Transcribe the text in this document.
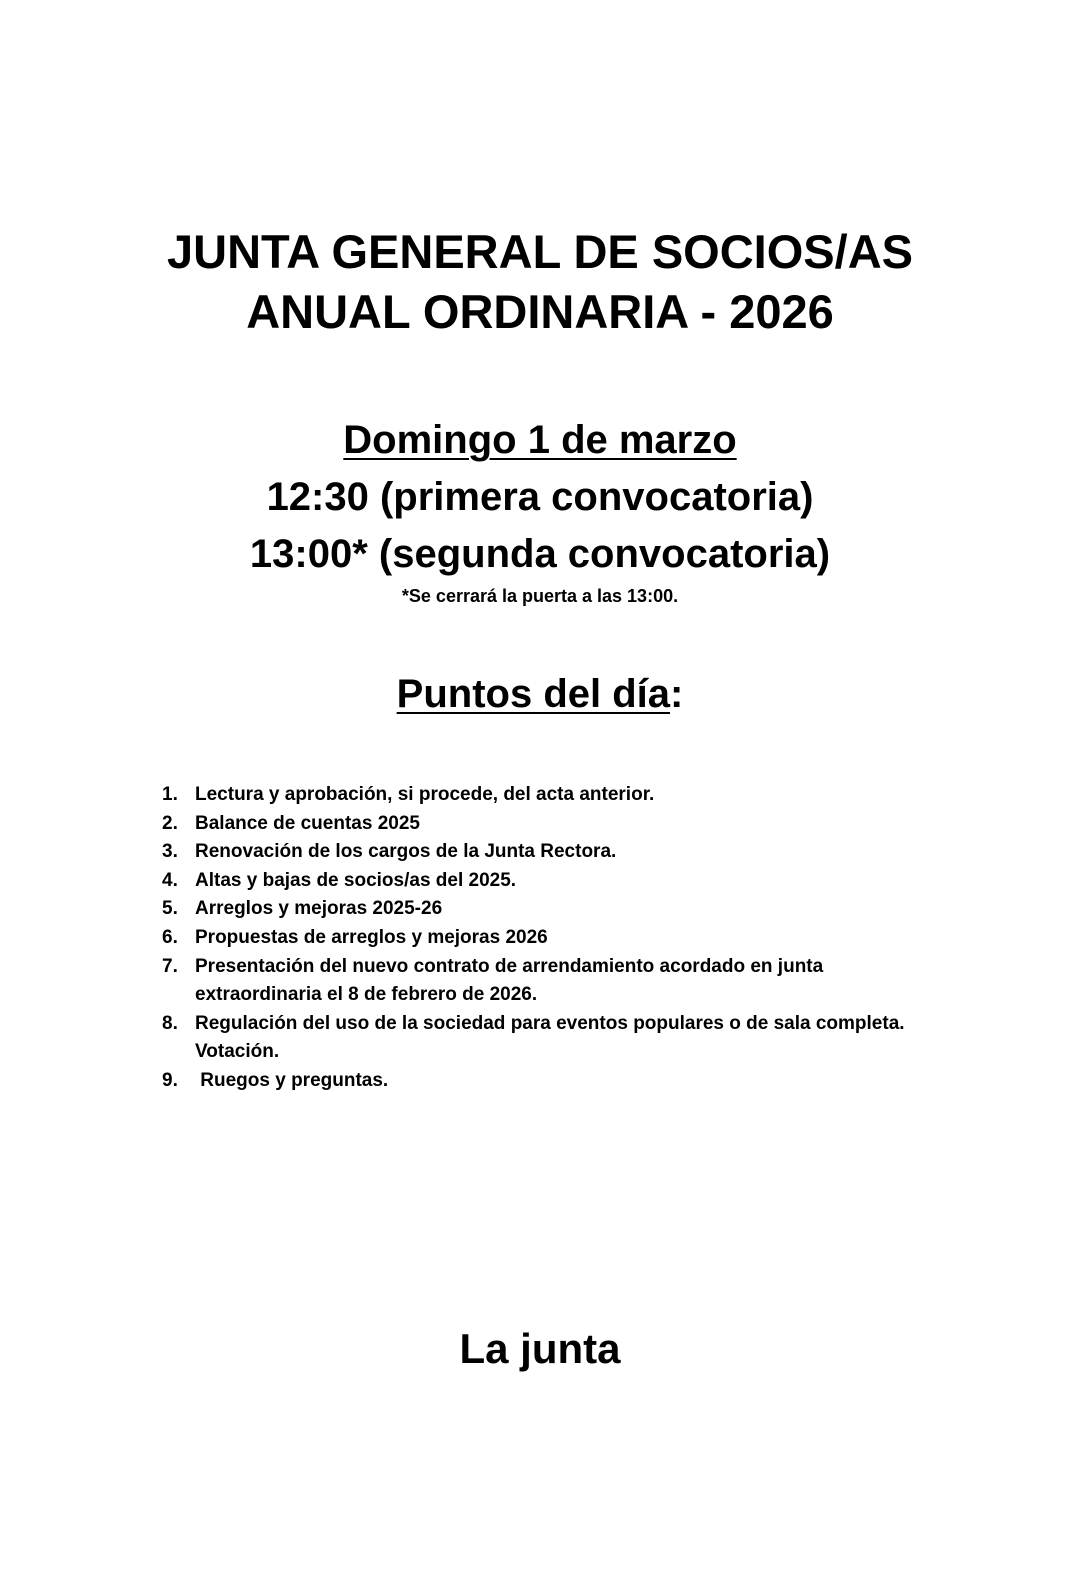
JUNTA GENERAL DE SOCIOS/AS
ANUAL ORDINARIA - 2026
Domingo 1 de marzo
12:30 (primera convocatoria)
13:00* (segunda convocatoria)
*Se cerrará la puerta a las 13:00.
Puntos del día:
1. Lectura y aprobación, si procede, del acta anterior.
2. Balance de cuentas 2025
3. Renovación de los cargos de la Junta Rectora.
4. Altas y bajas de socios/as del 2025.
5. Arreglos y mejoras 2025-26
6. Propuestas de arreglos y mejoras 2026
7. Presentación del nuevo contrato de arrendamiento acordado en junta extraordinaria el 8 de febrero de 2026.
8. Regulación del uso de la sociedad para eventos populares o de sala completa. Votación.
9. Ruegos y preguntas.
La junta
